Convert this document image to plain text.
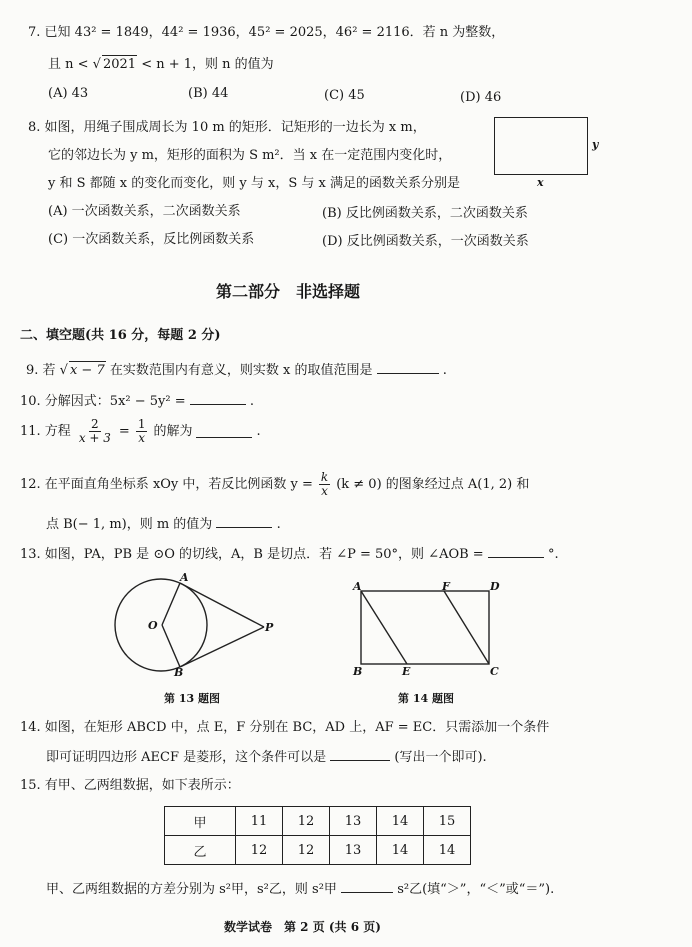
7. 已知 43² = 1849，44² = 1936，45² = 2025，46² = 2116．若 n 为整数，
且 n < √ 2021 < n + 1，则 n 的值为
(A) 43	(B) 44	(C) 45	(D) 46
8. 如图，用绳子围成周长为 10 m 的矩形．记矩形的一边长为 x m，
它的邻边长为 y m，矩形的面积为 S m²．当 x 在一定范围内变化时，
y 和 S 都随 x 的变化而变化，则 y 与 x，S 与 x 满足的函数关系分别是
y
x
(A) 一次函数关系，二次函数关系	(B) 反比例函数关系，二次函数关系
(C) 一次函数关系，反比例函数关系	(D) 反比例函数关系，一次函数关系
第二部分　非选择题
二、填空题(共 16 分，每题 2 分)
9. 若 √ x − 7 在实数范围内有意义，则实数 x 的取值范围是	.
10. 分解因式：5x² − 5y² =	.
11. 方程 $\frac{2}{x + 3} = \frac{1}{x}$ 的解为	.
12. 在平面直角坐标系 xOy 中，若反比例函数 $y = \frac{k}{x} (k \ne 0)$ 的图象经过点 A(1, 2) 和
点 B(− 1, m)，则 m 的值为	.
13. 如图，PA，PB 是 ⊙O 的切线，A，B 是切点．若 ∠P = 50°，则 ∠AOB =	°.
A
O	P
B
第 13 题图
A	F	D
B	E	C
第 14 题图
14. 如图，在矩形 ABCD 中，点 E，F 分别在 BC，AD 上，AF = EC．只需添加一个条件
即可证明四边形 AECF 是菱形，这个条件可以是	(写出一个即可).
15. 有甲、乙两组数据，如下表所示：
甲	11	12	13	14	15
乙	12	12	13	14	14
甲、乙两组数据的方差分别为 s²甲，s²乙，则 s²甲	s²乙(填“＞”，“＜”或“＝”).
数学试卷　第 2 页 (共 6 页)
